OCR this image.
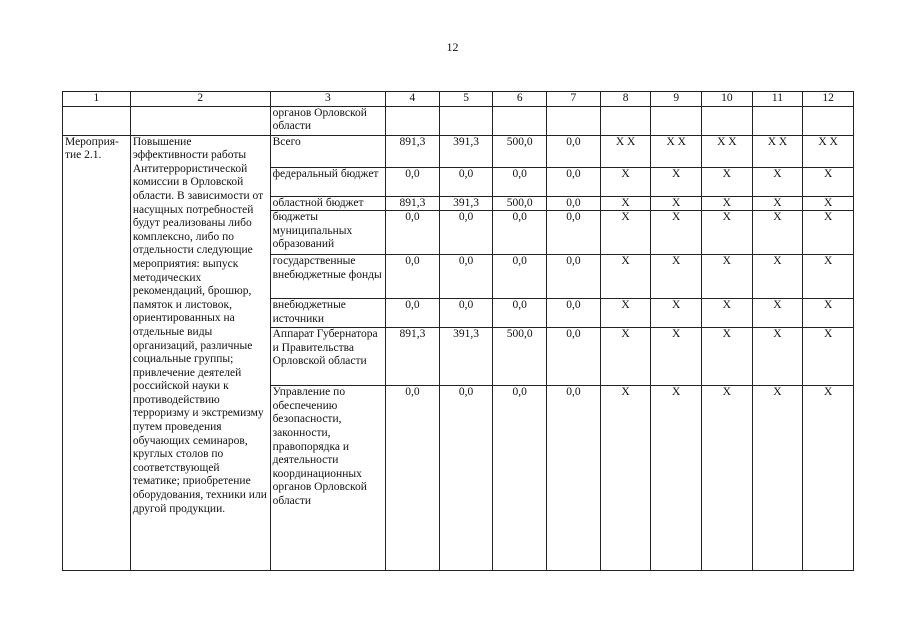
12
1	2	3	4	5	6	7	8	9	10	11	12
		органов Орловской области									
Мероприя-тие 2.1.	Повышение эффективности работы Антитеррористической комиссии в Орловской области. В зависимости от насущных потребностей будут реализованы либо комплексно, либо по отдельности следующие мероприятия: выпуск методических рекомендаций, брошюр, памяток и листовок, ориентированных на отдельные виды организаций, различные социальные группы; привлечение деятелей российской науки к противодействию терроризму и экстремизму путем проведения обучающих семинаров, круглых столов по соответствующей тематике; приобретение оборудования, техники или другой продукции.	Всего	891,3	391,3	500,0	0,0	X X	X X	X X	X X	X X
		федеральный бюджет	0,0	0,0	0,0	0,0	X	X	X	X	X
		областной бюджет	891,3	391,3	500,0	0,0	X	X	X	X	X
		бюджеты муниципальных образований	0,0	0,0	0,0	0,0	X	X	X	X	X
		государственные внебюджетные фонды	0,0	0,0	0,0	0,0	X	X	X	X	X
		внебюджетные источники	0,0	0,0	0,0	0,0	X	X	X	X	X
		Аппарат Губернатора и Правительства Орловской области	891,3	391,3	500,0	0,0	X	X	X	X	X
		Управление по обеспечению безопасности, законности, правопорядка и деятельности координационных органов Орловской области	0,0	0,0	0,0	0,0	X	X	X	X	X
